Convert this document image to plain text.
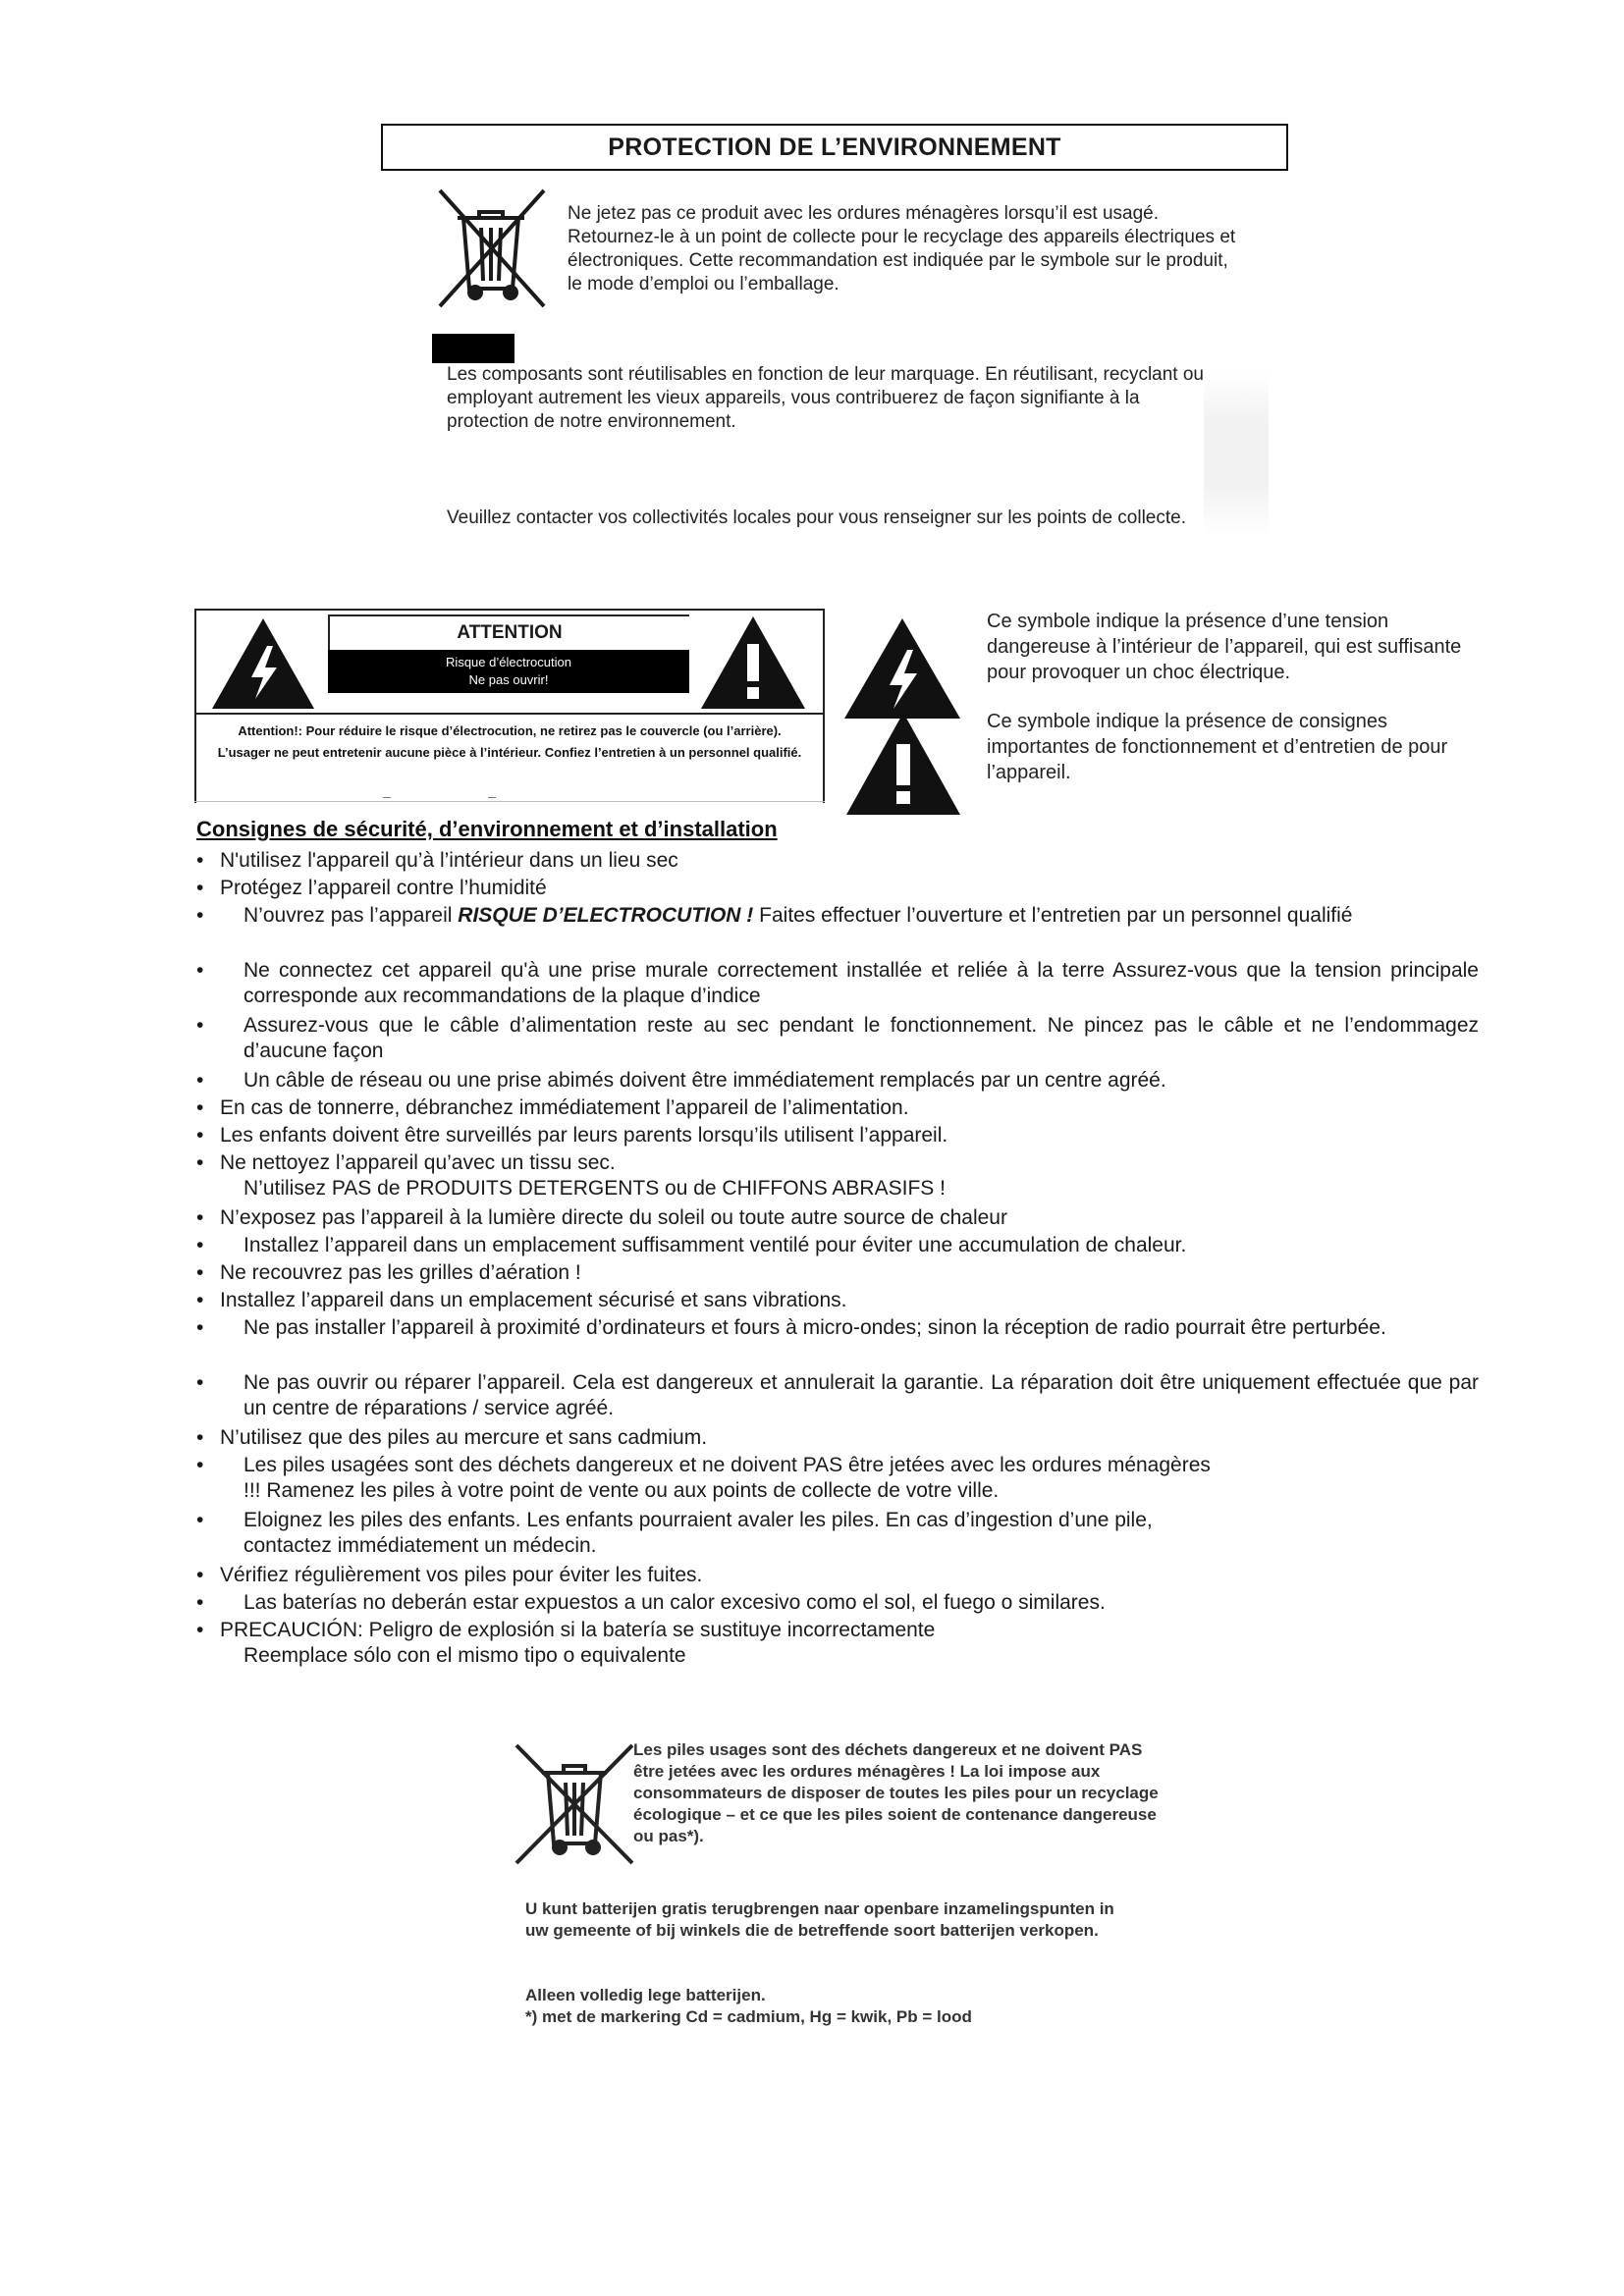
PROTECTION DE L’ENVIRONNEMENT
Ne jetez pas ce produit avec les ordures ménagères lorsqu’il est usagé. Retournez-le à un point de collecte pour le recyclage des appareils électriques et électroniques. Cette recommandation est indiquée par le symbole sur le produit, le mode d’emploi ou l’emballage.
Les composants sont réutilisables en fonction de leur marquage. En réutilisant, recyclant ou employant autrement les vieux appareils, vous contribuerez de façon signifiante à la protection de notre environnement.
Veuillez contacter vos collectivités locales pour vous renseigner sur les points de collecte.
ATTENTION
Risque d’électrocution
Ne pas ouvrir!
Attention!: Pour réduire le risque d’électrocution, ne retirez pas le couvercle (ou l’arrière). L’usager ne peut entretenir aucune pièce à l’intérieur. Confiez l’entretien à un personnel qualifié.
Ce symbole indique la présence d’une tension dangereuse à l’intérieur de l’appareil, qui est suffisante pour provoquer un choc électrique.
Ce symbole indique la présence de consignes importantes de fonctionnement et d’entretien de pour l’appareil.
Consignes de sécurité, d’environnement et d’installation
• N'utilisez l'appareil qu’à l’intérieur dans un lieu sec
• Protégez l’appareil contre l’humidité
•	N’ouvrez pas l’appareil RISQUE D’ELECTROCUTION ! Faites effectuer l’ouverture et l’entretien par un personnel qualifié
•	Ne connectez cet appareil qu'à une prise murale correctement installée et reliée à la terre Assurez-vous que la tension principale corresponde aux recommandations de la plaque d’indice
•	Assurez-vous que le câble d’alimentation reste au sec pendant le fonctionnement. Ne pincez pas le câble et ne l’endommagez d’aucune façon
•	Un câble de réseau ou une prise abimés doivent être immédiatement remplacés par un centre agréé.
• En cas de tonnerre, débranchez immédiatement l’appareil de l’alimentation.
• Les enfants doivent être surveillés par leurs parents lorsqu’ils utilisent l’appareil.
• Ne nettoyez l’appareil qu’avec un tissu sec.
N’utilisez PAS de PRODUITS DETERGENTS ou de CHIFFONS ABRASIFS !
• N’exposez pas l’appareil à la lumière directe du soleil ou toute autre source de chaleur
•	Installez l’appareil dans un emplacement suffisamment ventilé pour éviter une accumulation de chaleur.
• Ne recouvrez pas les grilles d’aération !
• Installez l’appareil dans un emplacement sécurisé et sans vibrations.
•	Ne pas installer l’appareil à proximité d’ordinateurs et fours à micro-ondes; sinon la réception de radio pourrait être perturbée.
•	Ne pas ouvrir ou réparer l’appareil. Cela est dangereux et annulerait la garantie. La réparation doit être uniquement effectuée que par un centre de réparations / service agréé.
• N’utilisez que des piles au mercure et sans cadmium.
•	Les piles usagées sont des déchets dangereux et ne doivent PAS être jetées avec les ordures ménagères !!! Ramenez les piles à votre point de vente ou aux points de collecte de votre ville.
•	Eloignez les piles des enfants. Les enfants pourraient avaler les piles. En cas d’ingestion d’une pile, contactez immédiatement un médecin.
• Vérifiez régulièrement vos piles pour éviter les fuites.
•	Las baterías no deberán estar expuestos a un calor excesivo como el sol, el fuego o similares.
• PRECAUCIÓN: Peligro de explosión si la batería se sustituye incorrectamente
Reemplace sólo con el mismo tipo o equivalente
Les piles usages sont des déchets dangereux et ne doivent PAS être jetées avec les ordures ménagères ! La loi impose aux consommateurs de disposer de toutes les piles pour un recyclage écologique – et ce que les piles soient de contenance dangereuse ou pas*).
U kunt batterijen gratis terugbrengen naar openbare inzamelingspunten in uw gemeente of bij winkels die de betreffende soort batterijen verkopen.
Alleen volledig lege batterijen.
*) met de markering Cd = cadmium, Hg = kwik, Pb = lood
